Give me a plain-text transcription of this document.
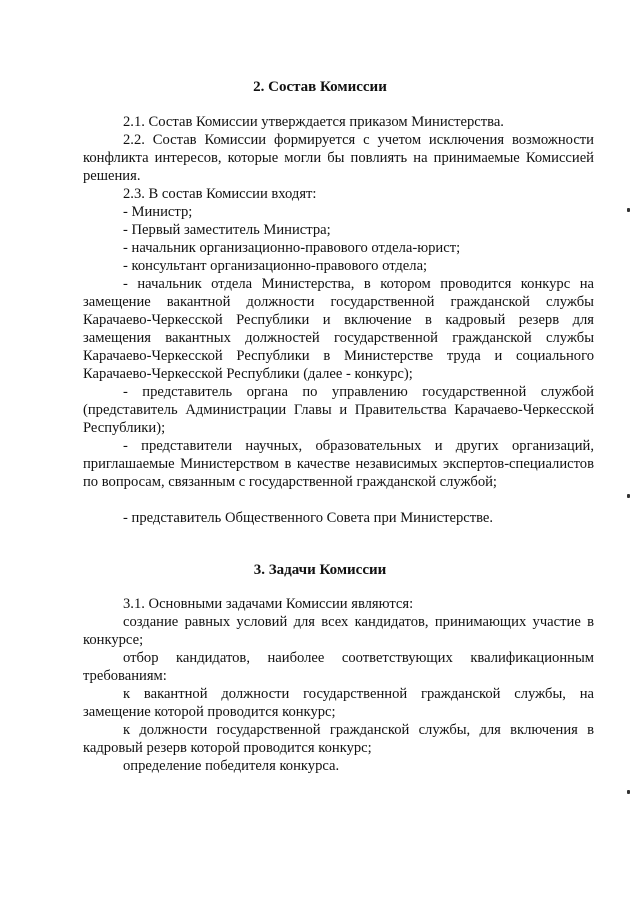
2. Состав Комиссии

2.1. Состав Комиссии утверждается приказом Министерства.

2.2. Состав Комиссии формируется с учетом исключения возможности конфликта интересов, которые могли бы повлиять на принимаемые Комиссией решения.

2.3. В состав Комиссии входят:

- Министр;

- Первый заместитель Министра;

- начальник организационно-правового отдела-юрист;

- консультант организационно-правового отдела;

- начальник отдела Министерства, в котором проводится конкурс на замещение вакантной должности государственной гражданской службы Карачаево-Черкесской Республики и включение в кадровый резерв для замещения вакантных должностей государственной гражданской службы Карачаево-Черкесской Республики в Министерстве труда и социального Карачаево-Черкесской Республики (далее - конкурс);

- представитель органа по управлению государственной службой (представитель Администрации Главы и Правительства Карачаево-Черкесской Республики);

- представители научных, образовательных и других организаций, приглашаемые Министерством в качестве независимых экспертов-специалистов по вопросам, связанным с государственной гражданской службой;

- представитель Общественного Совета при Министерстве.

3. Задачи Комиссии

3.1. Основными задачами Комиссии являются:

создание равных условий для всех кандидатов, принимающих участие в конкурсе;

отбор кандидатов, наиболее соответствующих квалификационным требованиям:

к вакантной должности государственной гражданской службы, на замещение которой проводится конкурс;

к должности государственной гражданской службы, для включения в кадровый резерв которой проводится конкурс;

определение победителя конкурса.
